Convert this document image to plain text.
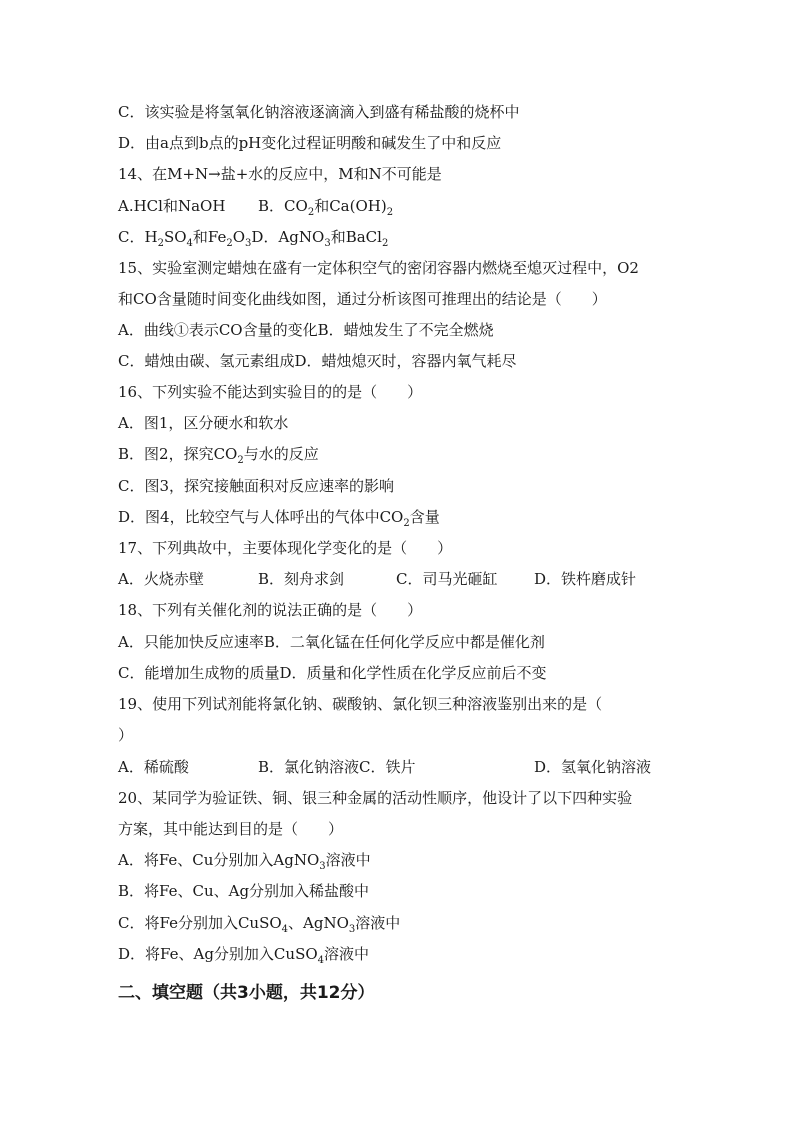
C．该实验是将氢氧化钠溶液逐滴滴入到盛有稀盐酸的烧杯中
D．由a点到b点的pH变化过程证明酸和碱发生了中和反应
14、在M+N→盐+水的反应中，M和N不可能是
A.HCl和NaOH B．$CO_2$和$Ca(OH)_2$
C．$H_2SO_4$和$Fe_2O_3D$．AgNO$_3$和BaCl$_2$
15、实验室测定蜡烛在盛有一定体积空气的密闭容器内燃烧至熄灭过程中，O2
和CO含量随时间变化曲线如图，通过分析该图可推理出的结论是（　　）
A．曲线①表示CO含量的变化B．蜡烛发生了不完全燃烧
C．蜡烛由碳、氢元素组成D．蜡烛熄灭时，容器内氧气耗尽
16、下列实验不能达到实验目的的是（　　）
A．图1，区分硬水和软水
B．图2，探究$CO_2$与水的反应
C．图3，探究接触面积对反应速率的影响
D．图4，比较空气与人体呼出的气体中$CO_2$含量
17、下列典故中，主要体现化学变化的是（　　）
A．火烧赤壁	B．刻舟求剑	C．司马光砸缸 D．铁杵磨成针
18、下列有关催化剂的说法正确的是（　　）
A．只能加快反应速率B．二氧化锰在任何化学反应中都是催化剂
C．能增加生成物的质量D．质量和化学性质在化学反应前后不变
19、使用下列试剂能将氯化钠、碳酸钠、氯化钡三种溶液鉴别出来的是（
）
A．稀硫酸	B．氯化钠溶液C．铁片	D．氢氧化钠溶液
20、某同学为验证铁、铜、银三种金属的活动性顺序，他设计了以下四种实验
方案，其中能达到目的是（　　）
A．将Fe、Cu分别加入AgNO$_3$溶液中
B．将Fe、Cu、Ag分别加入稀盐酸中
C．将Fe分别加入CuSO$_4$、AgNO$_3$溶液中
D．将Fe、Ag分别加入CuSO$_4$溶液中
二、填空题（共3小题，共12分）
